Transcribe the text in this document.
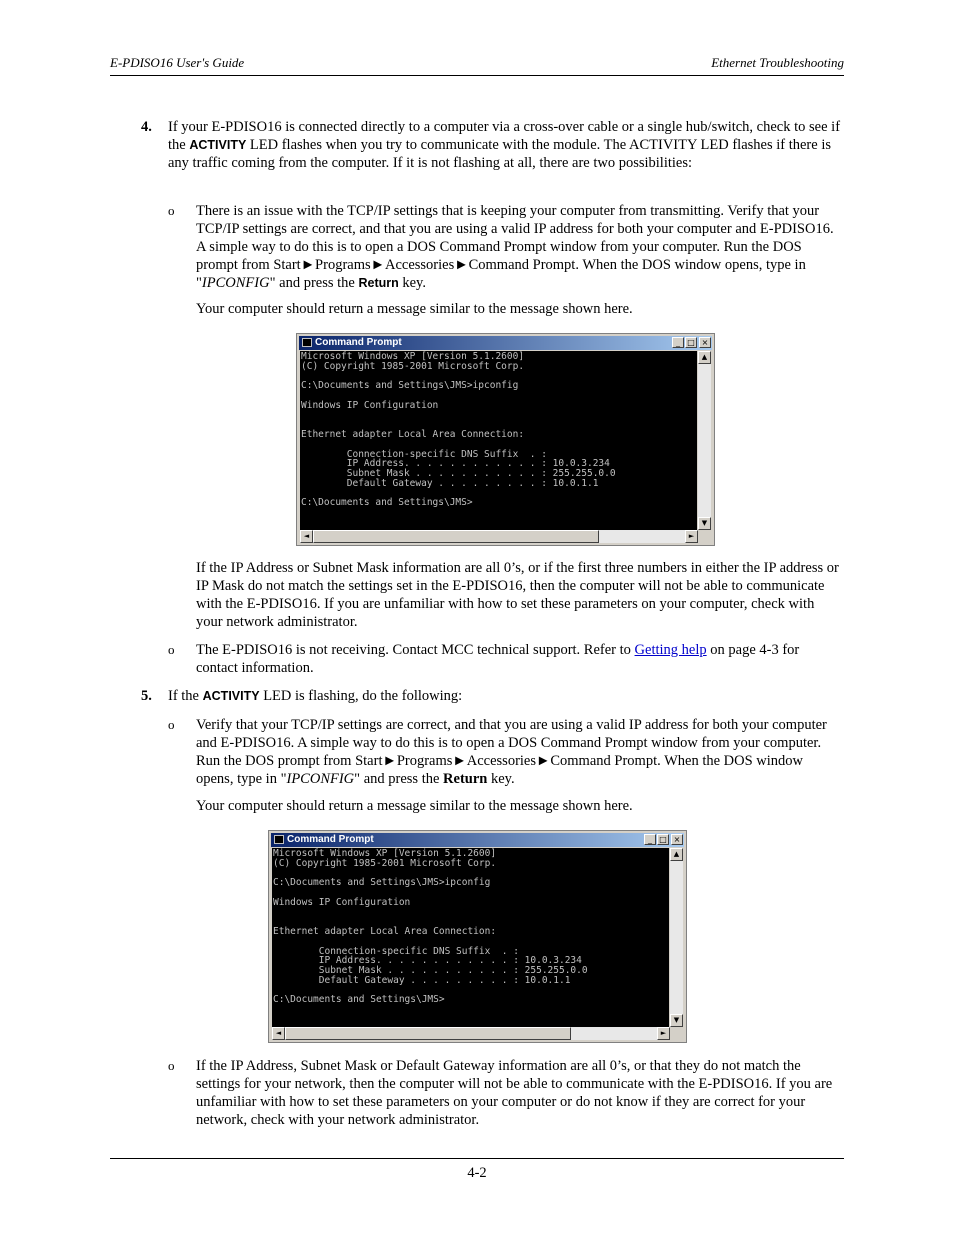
E-PDISO16 User's Guide	Ethernet Troubleshooting
4. If your E-PDISO16 is connected directly to a computer via a cross-over cable or a single hub/switch, check to see if the ACTIVITY LED flashes when you try to communicate with the module. The ACTIVITY LED flashes if there is any traffic coming from the computer. If it is not flashing at all, there are two possibilities:
o There is an issue with the TCP/IP settings that is keeping your computer from transmitting. Verify that your TCP/IP settings are correct, and that you are using a valid IP address for both your computer and E-PDISO16. A simple way to do this is to open a DOS Command Prompt window from your computer. Run the DOS prompt from Start►Programs►Accessories►Command Prompt. When the DOS window opens, type in "IPCONFIG" and press the Return key.
Your computer should return a message similar to the message shown here.
Command Prompt	_ □ ×
Microsoft Windows XP [Version 5.1.2600]
(C) Copyright 1985-2001 Microsoft Corp.

C:\Documents and Settings\JMS>ipconfig

Windows IP Configuration

Ethernet adapter Local Area Connection:

Connection-specific DNS Suffix  . :
IP Address. . . . . . . . . . . . : 10.0.3.234
Subnet Mask . . . . . . . . . . . : 255.255.0.0
Default Gateway . . . . . . . . . : 10.0.1.1

C:\Documents and Settings\JMS>
▲
▼
◄	►
If the IP Address or Subnet Mask information are all 0’s, or if the first three numbers in either the IP address or IP Mask do not match the settings set in the E-PDISO16, then the computer will not be able to communicate with the E-PDISO16. If you are unfamiliar with how to set these parameters on your computer, check with your network administrator.
o The E-PDISO16 is not receiving. Contact MCC technical support. Refer to Getting help on page 4-3 for contact information.
5. If the ACTIVITY LED is flashing, do the following:
o Verify that your TCP/IP settings are correct, and that you are using a valid IP address for both your computer and E-PDISO16. A simple way to do this is to open a DOS Command Prompt window from your computer. Run the DOS prompt from Start►Programs►Accessories►Command Prompt. When the DOS window opens, type in "IPCONFIG" and press the Return key.
Your computer should return a message similar to the message shown here.
Command Prompt	_ □ ×
Microsoft Windows XP [Version 5.1.2600]
(C) Copyright 1985-2001 Microsoft Corp.

C:\Documents and Settings\JMS>ipconfig

Windows IP Configuration

Ethernet adapter Local Area Connection:

Connection-specific DNS Suffix  . :
IP Address. . . . . . . . . . . . : 10.0.3.234
Subnet Mask . . . . . . . . . . . : 255.255.0.0
Default Gateway . . . . . . . . . : 10.0.1.1

C:\Documents and Settings\JMS>
▲
▼
◄	►
o If the IP Address, Subnet Mask or Default Gateway information are all 0’s, or that they do not match the settings for your network, then the computer will not be able to communicate with the E-PDISO16. If you are unfamiliar with how to set these parameters on your computer or do not know if they are correct for your network, check with your network administrator.
4-2
